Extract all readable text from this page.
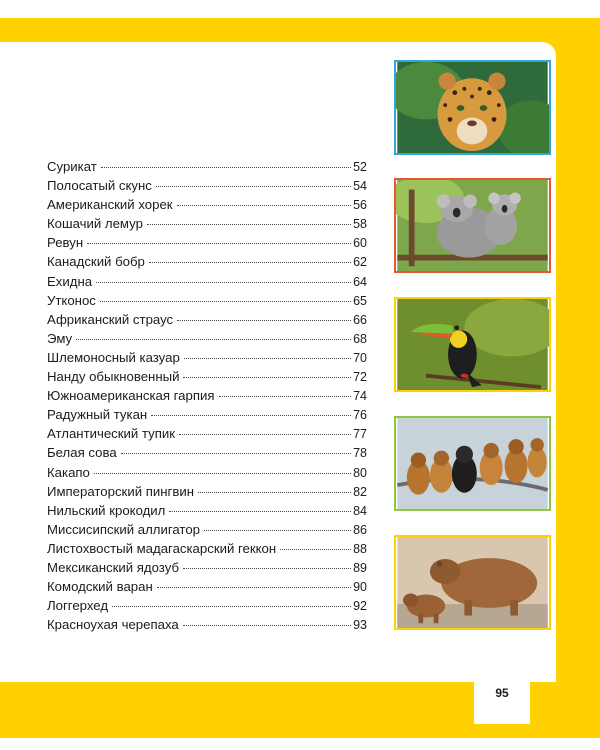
Сурикат	52
Полосатый скунс	54
Американский хорек	56
Кошачий лемур	58
Ревун	60
Канадский бобр	62
Ехидна	64
Утконос	65
Африканский страус	66
Эму	68
Шлемоносный казуар	70
Нанду обыкновенный	72
Южноамериканская гарпия	74
Радужный тукан	76
Атлантический тупик	77
Белая сова	78
Какапо	80
Императорский пингвин	82
Нильский крокодил	84
Миссисипский аллигатор	86
Листохвостый мадагаскарский геккон	88
Мексиканский ядозуб	89
Комодский варан	90
Логгерхед	92
Красноухая черепаха	93
95
